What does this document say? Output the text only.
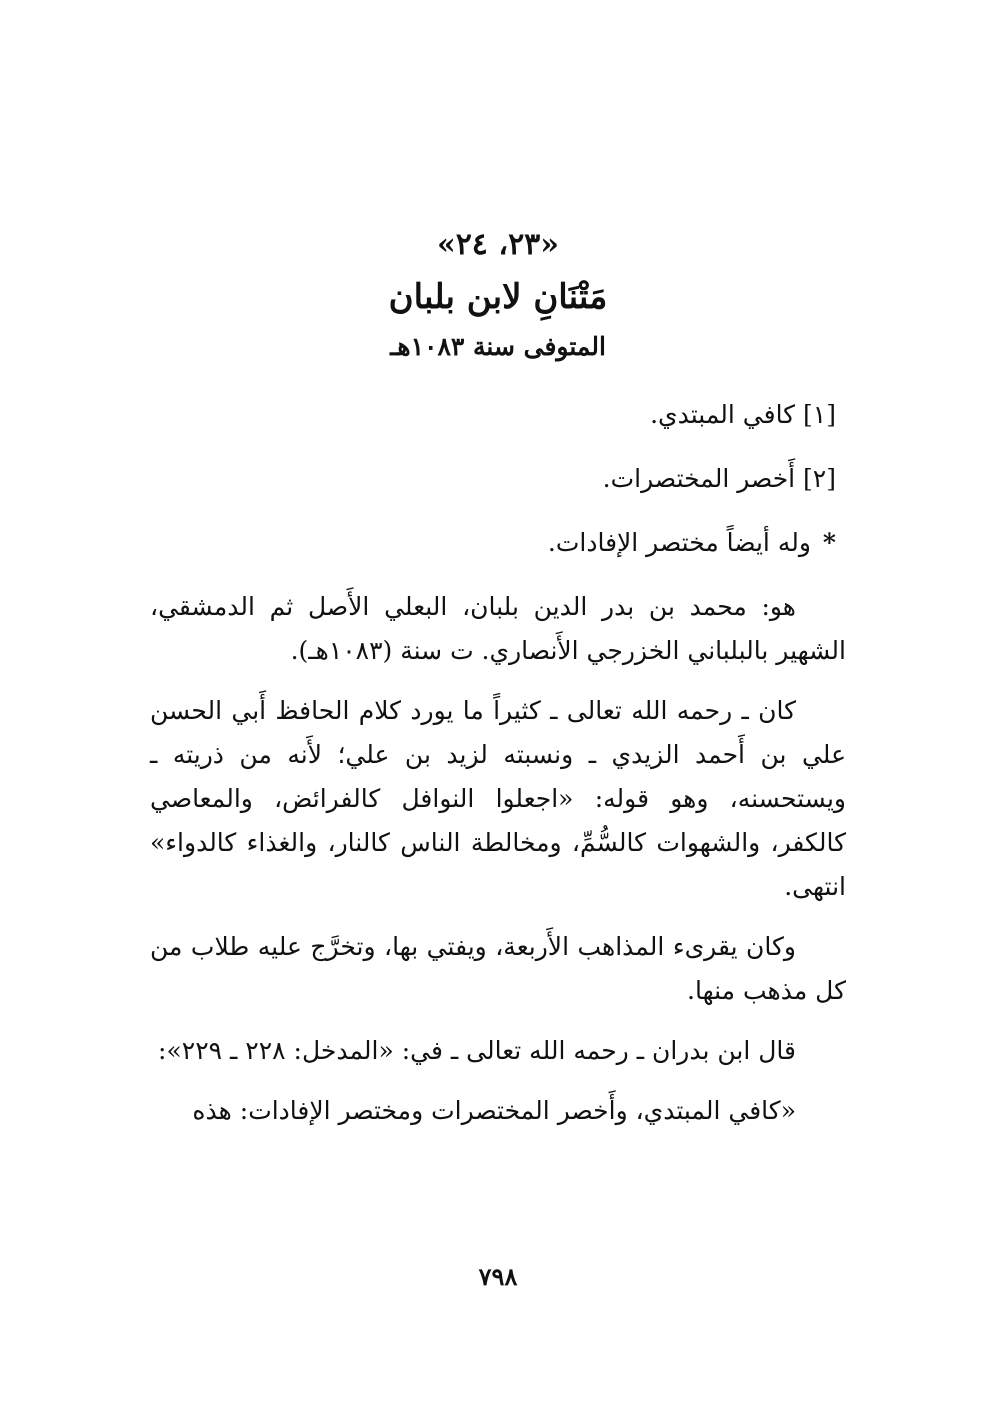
«٢٣، ٢٤»

مَتْنَانِ لابن بلبان

المتوفى سنة ١٠٨٣هـ

[١] كافي المبتدي.

[٢] أَخصر المختصرات.

*وله أيضاً مختصر الإفادات.

هو: محمد بن بدر الدين بلبان، البعلي الأَصل ثم الدمشقي، الشهير بالبلباني الخزرجي الأَنصاري. ت سنة (١٠٨٣هـ).

كان ـ رحمه الله تعالى ـ كثيراً ما يورد كلام الحافظ أَبي الحسن علي بن أَحمد الزيدي ـ ونسبته لزيد بن علي؛ لأَنه من ذريته ـ ويستحسنه، وهو قوله: «اجعلوا النوافل كالفرائض، والمعاصي كالكفر، والشهوات كالسُّمِّ، ومخالطة الناس كالنار، والغذاء كالدواء» انتهى.

وكان يقرىء المذاهب الأَربعة، ويفتي بها، وتخرَّج عليه طلاب من كل مذهب منها.

قال ابن بدران ـ رحمه الله تعالى ـ في: «المدخل: ٢٢٨ ـ ٢٢٩»:

«كافي المبتدي، وأَخصر المختصرات ومختصر الإفادات: هذه

٧٩٨
